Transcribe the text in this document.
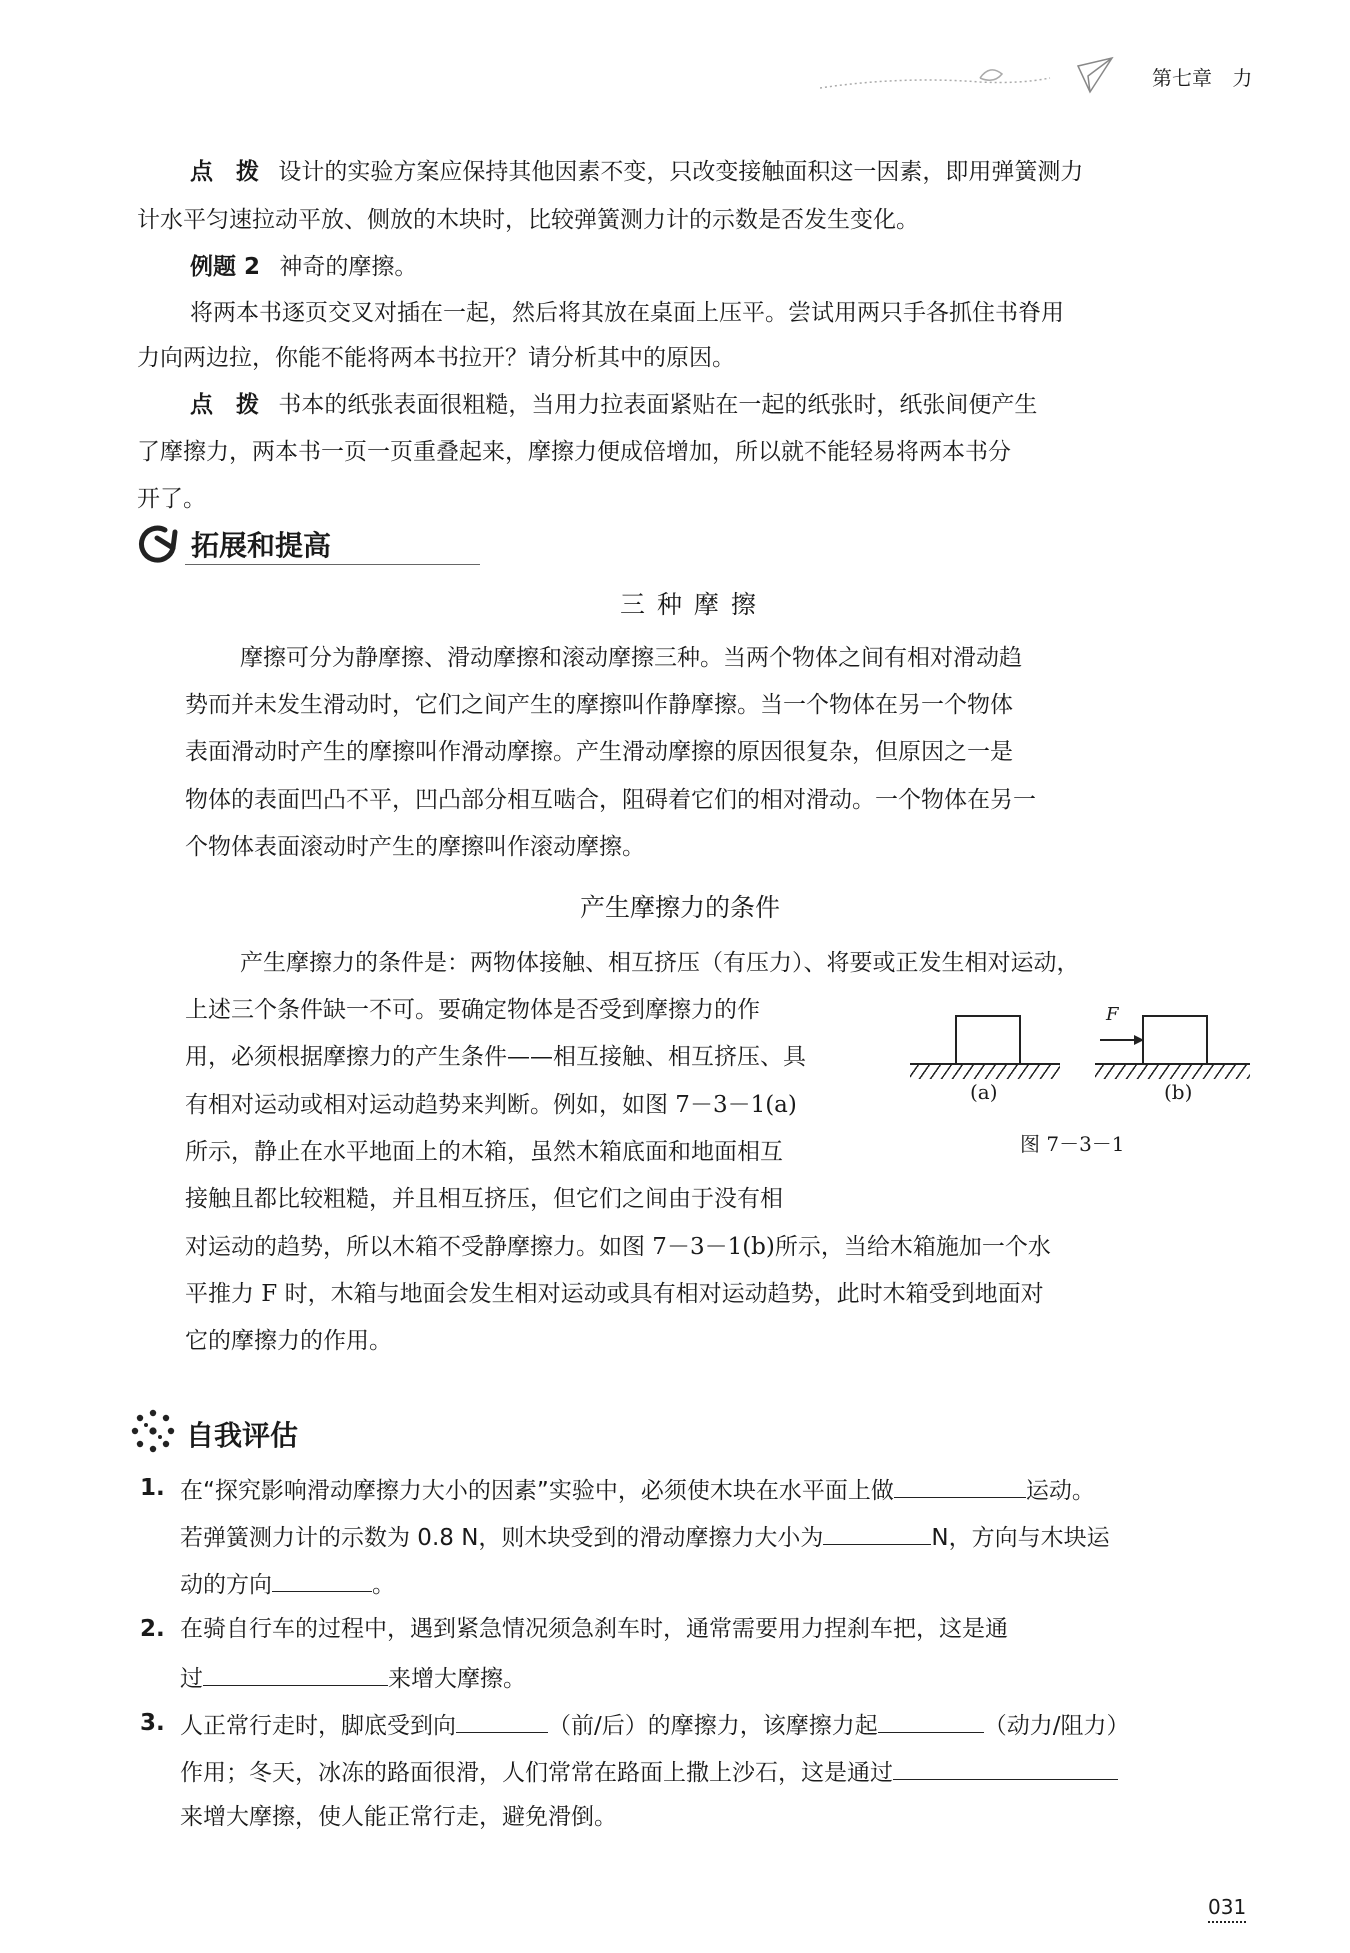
第七章 力
点　拨 设计的实验方案应保持其他因素不变，只改变接触面积这一因素，即用弹簧测力
计水平匀速拉动平放、侧放的木块时，比较弹簧测力计的示数是否发生变化。
例题 2 神奇的摩擦。
将两本书逐页交叉对插在一起，然后将其放在桌面上压平。尝试用两只手各抓住书脊用
力向两边拉，你能不能将两本书拉开？请分析其中的原因。
点　拨 书本的纸张表面很粗糙，当用力拉表面紧贴在一起的纸张时，纸张间便产生
了摩擦力，两本书一页一页重叠起来，摩擦力便成倍增加，所以就不能轻易将两本书分
开了。
拓展和提高
三 种 摩 擦
摩擦可分为静摩擦、滑动摩擦和滚动摩擦三种。当两个物体之间有相对滑动趋
势而并未发生滑动时，它们之间产生的摩擦叫作静摩擦。当一个物体在另一个物体
表面滑动时产生的摩擦叫作滑动摩擦。产生滑动摩擦的原因很复杂，但原因之一是
物体的表面凹凸不平，凹凸部分相互啮合，阻碍着它们的相对滑动。一个物体在另一
个物体表面滚动时产生的摩擦叫作滚动摩擦。
产生摩擦力的条件
产生摩擦力的条件是：两物体接触、相互挤压（有压力）、将要或正发生相对运动，
上述三个条件缺一不可。要确定物体是否受到摩擦力的作
用，必须根据摩擦力的产生条件——相互接触、相互挤压、具
有相对运动或相对运动趋势来判断。例如，如图 7－3－1(a)
所示，静止在水平地面上的木箱，虽然木箱底面和地面相互
接触且都比较粗糙，并且相互挤压，但它们之间由于没有相
对运动的趋势，所以木箱不受静摩擦力。如图 7－3－1(b)所示，当给木箱施加一个水
平推力 F 时，木箱与地面会发生相对运动或具有相对运动趋势，此时木箱受到地面对
它的摩擦力的作用。
F
(a)	(b)
图 7－3－1
自我评估
1. 在“探究影响滑动摩擦力大小的因素”实验中，必须使木块在水平面上做	运动。
若弹簧测力计的示数为 0.8 N，则木块受到的滑动摩擦力大小为	N，方向与木块运
动的方向	。
2. 在骑自行车的过程中，遇到紧急情况须急刹车时，通常需要用力捏刹车把，这是通
过	来增大摩擦。
3. 人正常行走时，脚底受到向	（前/后）的摩擦力，该摩擦力起	（动力/阻力）
作用；冬天，冰冻的路面很滑，人们常常在路面上撒上沙石，这是通过
来增大摩擦，使人能正常行走，避免滑倒。
031
